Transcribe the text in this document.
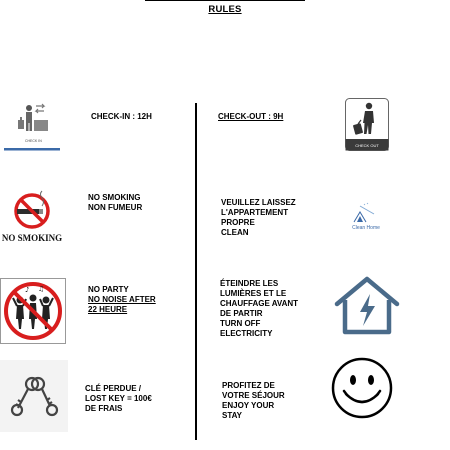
RULES
CHECK IN
CHECK-IN : 12H	CHECK-OUT : 9H
CHECK OUT
NO SMOKING
NO SMOKING
NON FUMEUR
VEUILLEZ LAISSEZ
L'APPARTEMENT
PROPRE
CLEAN	Clean Home
♪ ♫	NO PARTY
NO NOISE AFTER
22 HEURE
ÉTEINDRE LES
LUMIÈRES ET LE
CHAUFFAGE AVANT
DE PARTIR
TURN OFF
ELECTRICITY
CLÉ PERDUE /
LOST KEY = 100€
DE FRAIS
PROFITEZ DE
VOTRE SÉJOUR
ENJOY YOUR
STAY
